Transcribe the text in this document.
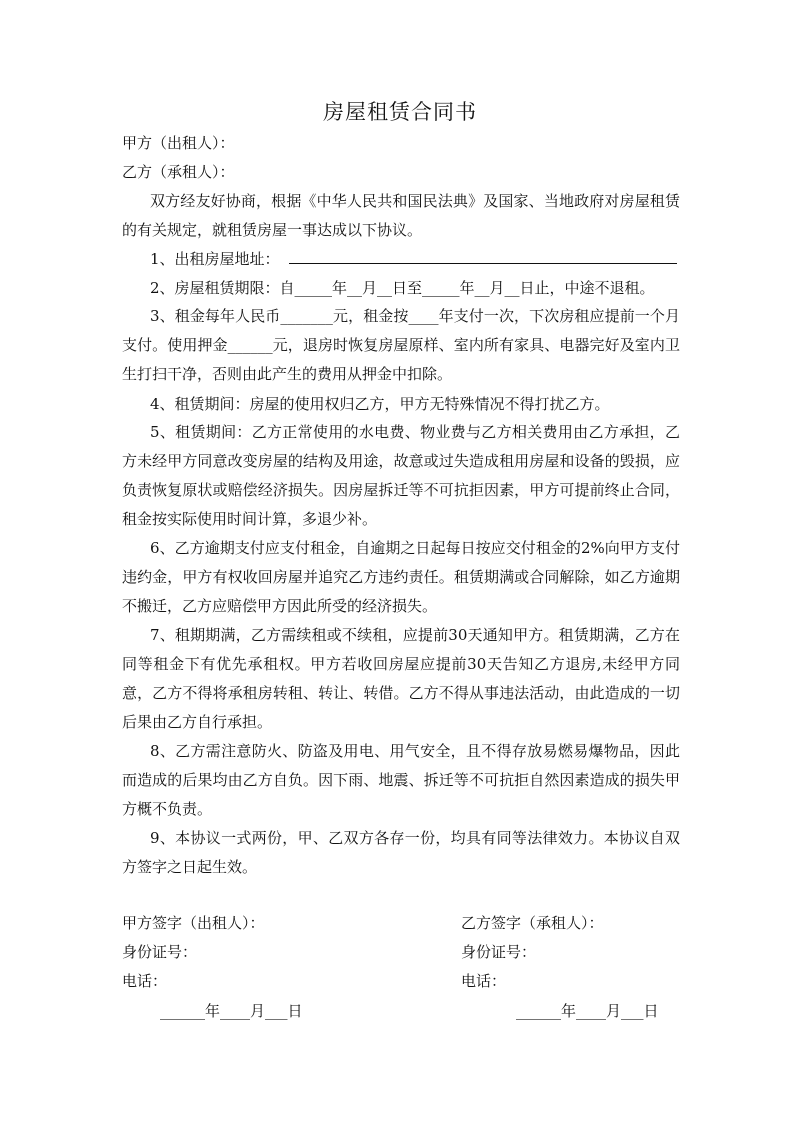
房屋租赁合同书
甲方（出租人）：
乙方（承租人）：
双方经友好协商，根据《中华人民共和国民法典》及国家、当地政府对房屋租赁的有关规定，就租赁房屋一事达成以下协议。
1、出租房屋地址：
2、房屋租赁期限：自_____年__月__日至_____年__月__日止，中途不退租。
3、租金每年人民币_______元，租金按____年支付一次，下次房租应提前一个月支付。使用押金______元，退房时恢复房屋原样、室内所有家具、电器完好及室内卫生打扫干净，否则由此产生的费用从押金中扣除。
4、租赁期间：房屋的使用权归乙方，甲方无特殊情况不得打扰乙方。
5、租赁期间：乙方正常使用的水电费、物业费与乙方相关费用由乙方承担，乙方未经甲方同意改变房屋的结构及用途，故意或过失造成租用房屋和设备的毁损，应负责恢复原状或赔偿经济损失。因房屋拆迁等不可抗拒因素，甲方可提前终止合同，租金按实际使用时间计算，多退少补。
6、乙方逾期支付应支付租金，自逾期之日起每日按应交付租金的2%向甲方支付违约金，甲方有权收回房屋并追究乙方违约责任。租赁期满或合同解除，如乙方逾期不搬迁，乙方应赔偿甲方因此所受的经济损失。
7、租期期满，乙方需续租或不续租，应提前30天通知甲方。租赁期满，乙方在同等租金下有优先承租权。甲方若收回房屋应提前30天告知乙方退房,未经甲方同意，乙方不得将承租房转租、转让、转借。乙方不得从事违法活动，由此造成的一切后果由乙方自行承担。
8、乙方需注意防火、防盗及用电、用气安全，且不得存放易燃易爆物品，因此而造成的后果均由乙方自负。因下雨、地震、拆迁等不可抗拒自然因素造成的损失甲方概不负责。
9、本协议一式两份，甲、乙双方各存一份，均具有同等法律效力。本协议自双方签字之日起生效。
甲方签字（出租人）：
身份证号：
电话：
______年____月___日
乙方签字（承租人）：
身份证号：
电话：
______年____月___日
